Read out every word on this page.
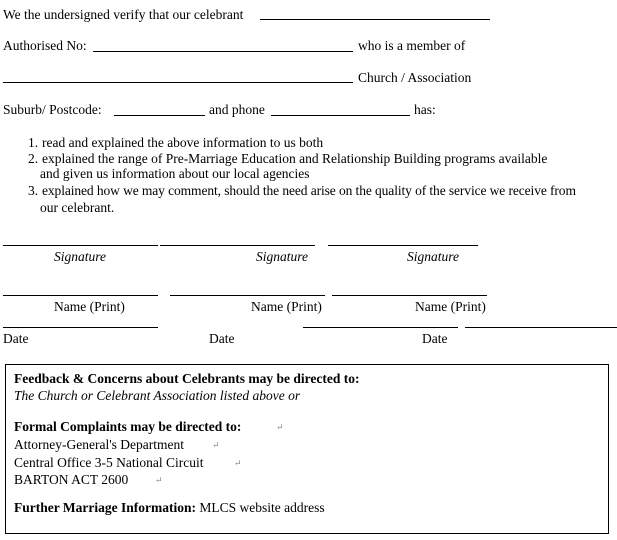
We the undersigned verify that our celebrant
Authorised No:	who is a member of
Church / Association
Suburb/ Postcode:	and phone	has:
1. read and explained the above information to us both
2. explained the range of Pre-Marriage Education and Relationship Building programs available
and given us information about our local agencies
3. explained how we may comment, should the need arise on the quality of the service we receive from
our celebrant.
Signature	Signature	Signature
Name (Print)	Name (Print)	Name (Print)
Date	Date	Date
Feedback & Concerns about Celebrants may be directed to:
The Church or Celebrant Association listed above or
Formal Complaints may be directed to:	↵
Attorney-General's Department	↵
Central Office 3-5 National Circuit	↵
BARTON ACT 2600	↵
Further Marriage Information: MLCS website address
